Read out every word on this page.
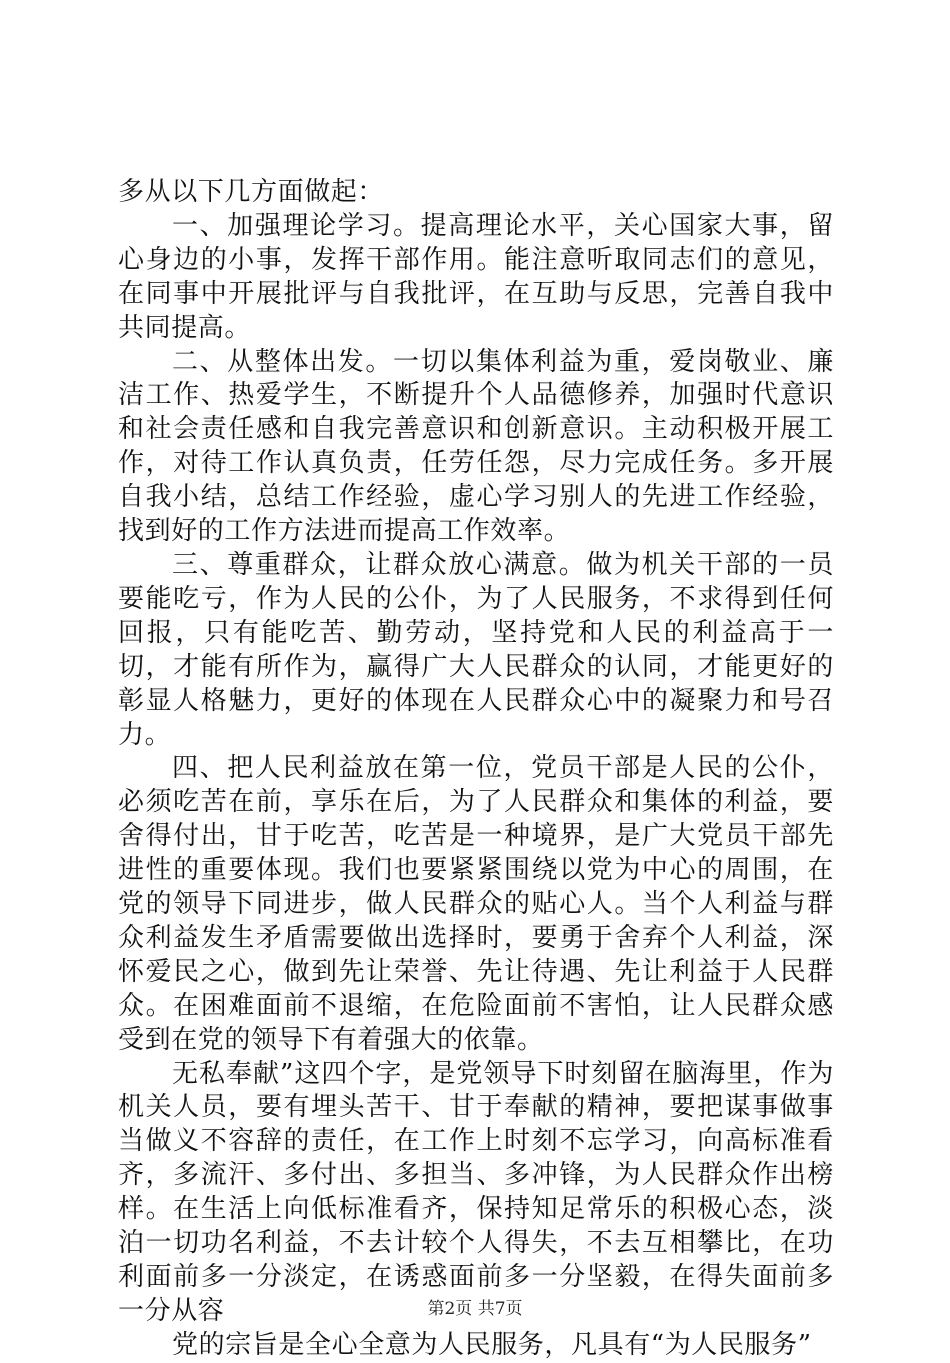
多从以下几方面做起：

一、加强理论学习。提高理论水平，关心国家大事，留心身边的小事，发挥干部作用。能注意听取同志们的意见，在同事中开展批评与自我批评，在互助与反思，完善自我中共同提高。

二、从整体出发。一切以集体利益为重，爱岗敬业、廉洁工作、热爱学生，不断提升个人品德修养，加强时代意识和社会责任感和自我完善意识和创新意识。主动积极开展工作，对待工作认真负责，任劳任怨，尽力完成任务。多开展自我小结，总结工作经验，虚心学习别人的先进工作经验，找到好的工作方法进而提高工作效率。

三、尊重群众，让群众放心满意。做为机关干部的一员要能吃亏，作为人民的公仆，为了人民服务，不求得到任何回报，只有能吃苦、勤劳动，坚持党和人民的利益高于一切，才能有所作为，赢得广大人民群众的认同，才能更好的彰显人格魅力，更好的体现在人民群众心中的凝聚力和号召力。

四、把人民利益放在第一位，党员干部是人民的公仆，必须吃苦在前，享乐在后，为了人民群众和集体的利益，要舍得付出，甘于吃苦，吃苦是一种境界，是广大党员干部先进性的重要体现。我们也要紧紧围绕以党为中心的周围，在党的领导下同进步，做人民群众的贴心人。当个人利益与群众利益发生矛盾需要做出选择时，要勇于舍弃个人利益，深怀爱民之心，做到先让荣誉、先让待遇、先让利益于人民群众。在困难面前不退缩，在危险面前不害怕，让人民群众感受到在党的领导下有着强大的依靠。

无私奉献”这四个字，是党领导下时刻留在脑海里，作为机关人员，要有埋头苦干、甘于奉献的精神，要把谋事做事当做义不容辞的责任，在工作上时刻不忘学习，向高标准看齐，多流汗、多付出、多担当、多冲锋，为人民群众作出榜样。在生活上向低标准看齐，保持知足常乐的积极心态，淡泊一切功名利益，不去计较个人得失，不去互相攀比，在功利面前多一分淡定，在诱惑面前多一分坚毅，在得失面前多一分从容

党的宗旨是全心全意为人民服务，凡具有“为人民服务”

第2页 共7页
